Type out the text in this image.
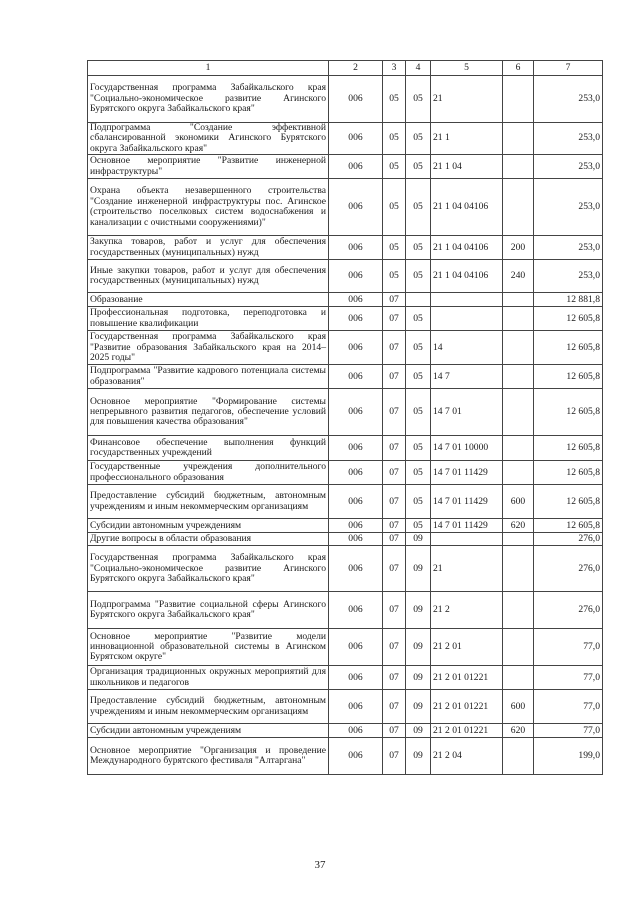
1	2	3	4	5	6	7
Государственная программа Забайкальского края "Социально-экономическое развитие Агинского Бурятского округа Забайкальского края"	006	05	05	21		253,0
Подпрограмма "Создание эффективной сбалансированной экономики Агинского Бурятского округа Забайкальского края"	006	05	05	21 1		253,0
Основное мероприятие "Развитие инженерной инфраструктуры"	006	05	05	21 1 04		253,0
Охрана объекта незавершенного строительства "Создание инженерной инфраструктуры пос. Агинское (строительство поселковых систем водоснабжения и канализации с очистными сооружениями)"	006	05	05	21 1 04 04106		253,0
Закупка товаров, работ и услуг для обеспечения государственных (муниципальных) нужд	006	05	05	21 1 04 04106	200	253,0
Иные закупки товаров, работ и услуг для обеспечения государственных (муниципальных) нужд	006	05	05	21 1 04 04106	240	253,0
Образование	006	07				12 881,8
Профессиональная подготовка, переподготовка и повышение квалификации	006	07	05			12 605,8
Государственная программа Забайкальского края "Развитие образования Забайкальского края на 2014–2025 годы"	006	07	05	14		12 605,8
Подпрограмма "Развитие кадрового потенциала системы образования"	006	07	05	14 7		12 605,8
Основное мероприятие "Формирование системы непрерывного развития педагогов, обеспечение условий для повышения качества образования"	006	07	05	14 7 01		12 605,8
Финансовое обеспечение выполнения функций государственных учреждений	006	07	05	14 7 01 10000		12 605,8
Государственные учреждения дополнительного профессионального образования	006	07	05	14 7 01 11429		12 605,8
Предоставление субсидий бюджетным, автономным учреждениям и иным некоммерческим организациям	006	07	05	14 7 01 11429	600	12 605,8
Субсидии автономным учреждениям	006	07	05	14 7 01 11429	620	12 605,8
Другие вопросы в области образования	006	07	09			276,0
Государственная программа Забайкальского края "Социально-экономическое развитие Агинского Бурятского округа Забайкальского края"	006	07	09	21		276,0
Подпрограмма "Развитие социальной сферы Агинского Бурятского округа Забайкальского края"	006	07	09	21 2		276,0
Основное мероприятие "Развитие модели инновационной образовательной системы в Агинском Бурятском округе"	006	07	09	21 2 01		77,0
Организация традиционных окружных мероприятий для школьников и педагогов	006	07	09	21 2 01 01221		77,0
Предоставление субсидий бюджетным, автономным учреждениям и иным некоммерческим организациям	006	07	09	21 2 01 01221	600	77,0
Субсидии автономным учреждениям	006	07	09	21 2 01 01221	620	77,0
Основное мероприятие "Организация и проведение Международного бурятского фестиваля "Алтаргана"	006	07	09	21 2 04		199,0
37
